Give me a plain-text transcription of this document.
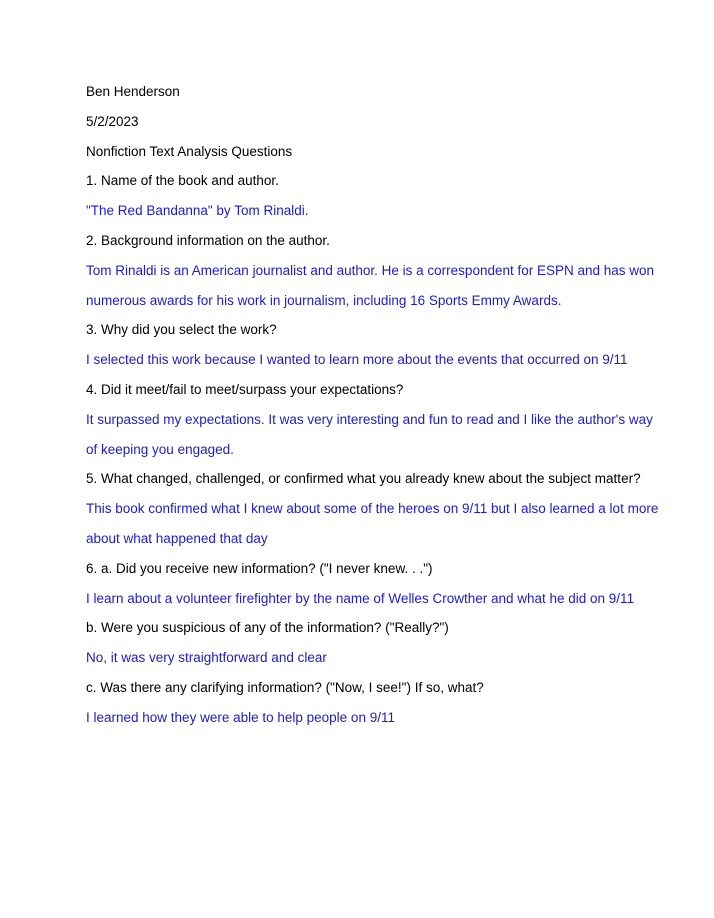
Ben Henderson
5/2/2023
Nonfiction Text Analysis Questions
1. Name of the book and author.
"The Red Bandanna" by Tom Rinaldi.
2. Background information on the author.
Tom Rinaldi is an American journalist and author. He is a correspondent for ESPN and has won
numerous awards for his work in journalism, including 16 Sports Emmy Awards.
3. Why did you select the work?
I selected this work because I wanted to learn more about the events that occurred on 9/11
4. Did it meet/fail to meet/surpass your expectations?
It surpassed my expectations. It was very interesting and fun to read and I like the author's way
of keeping you engaged.
5. What changed, challenged, or confirmed what you already knew about the subject matter?
This book confirmed what I knew about some of the heroes on 9/11 but I also learned a lot more
about what happened that day
6. a. Did you receive new information? ("I never knew. . .")
I learn about a volunteer firefighter by the name of Welles Crowther and what he did on 9/11
b. Were you suspicious of any of the information? ("Really?")
No, it was very straightforward and clear
c. Was there any clarifying information? ("Now, I see!") If so, what?
I learned how they were able to help people on 9/11
